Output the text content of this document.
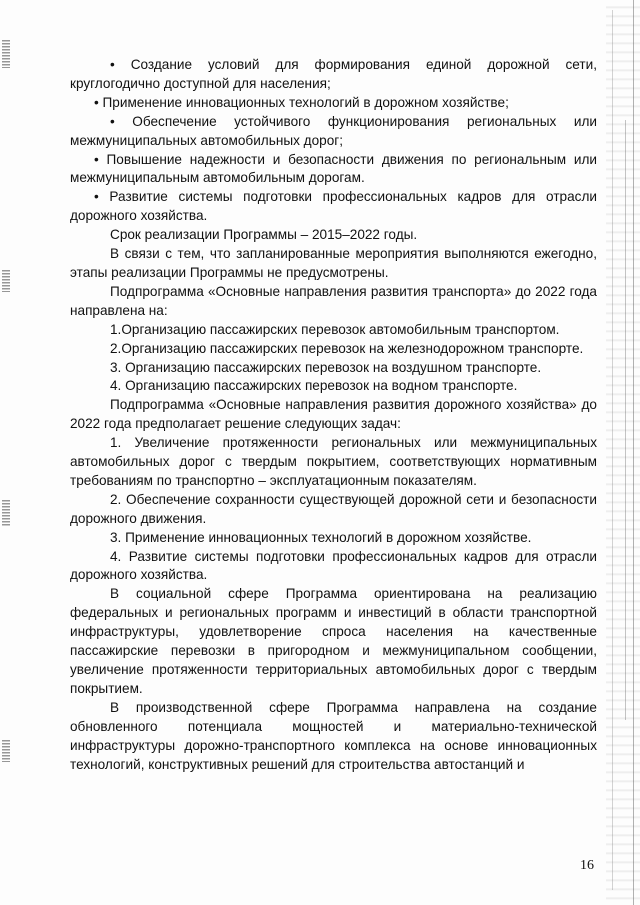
• Создание условий для формирования единой дорожной сети, круглогодично доступной для населения;

• Применение инновационных технологий в дорожном хозяйстве;

• Обеспечение устойчивого функционирования региональных или межмуниципальных автомобильных дорог;

• Повышение надежности и безопасности движения по региональным или межмуниципальным автомобильным дорогам.

• Развитие системы подготовки профессиональных кадров для отрасли дорожного хозяйства.

Срок реализации Программы – 2015–2022 годы.

В связи с тем, что запланированные мероприятия выполняются ежегодно, этапы реализации Программы не предусмотрены.

Подпрограмма «Основные направления развития транспорта» до 2022 года направлена на:

1.Организацию пассажирских перевозок автомобильным транспортом.

2.Организацию пассажирских перевозок на железнодорожном транспорте.

3. Организацию пассажирских перевозок на воздушном транспорте.

4. Организацию пассажирских перевозок на водном транспорте.

Подпрограмма «Основные направления развития дорожного хозяйства» до 2022 года предполагает решение следующих задач:

1. Увеличение протяженности региональных или межмуниципальных автомобильных дорог с твердым покрытием, соответствующих нормативным требованиям по транспортно – эксплуатационным показателям.

2. Обеспечение сохранности существующей дорожной сети и безопасности дорожного движения.

3. Применение инновационных технологий в дорожном хозяйстве.

4. Развитие системы подготовки профессиональных кадров для отрасли дорожного хозяйства.

В социальной сфере Программа ориентирована на реализацию федеральных и региональных программ и инвестиций в области транспортной инфраструктуры, удовлетворение спроса населения на качественные пассажирские перевозки в пригородном и межмуниципальном сообщении, увеличение протяженности территориальных автомобильных дорог с твердым покрытием.

В производственной сфере Программа направлена на создание обновленного потенциала мощностей и материально-технической инфраструктуры дорожно-транспортного комплекса на основе инновационных технологий, конструктивных решений для строительства автостанций и

16
